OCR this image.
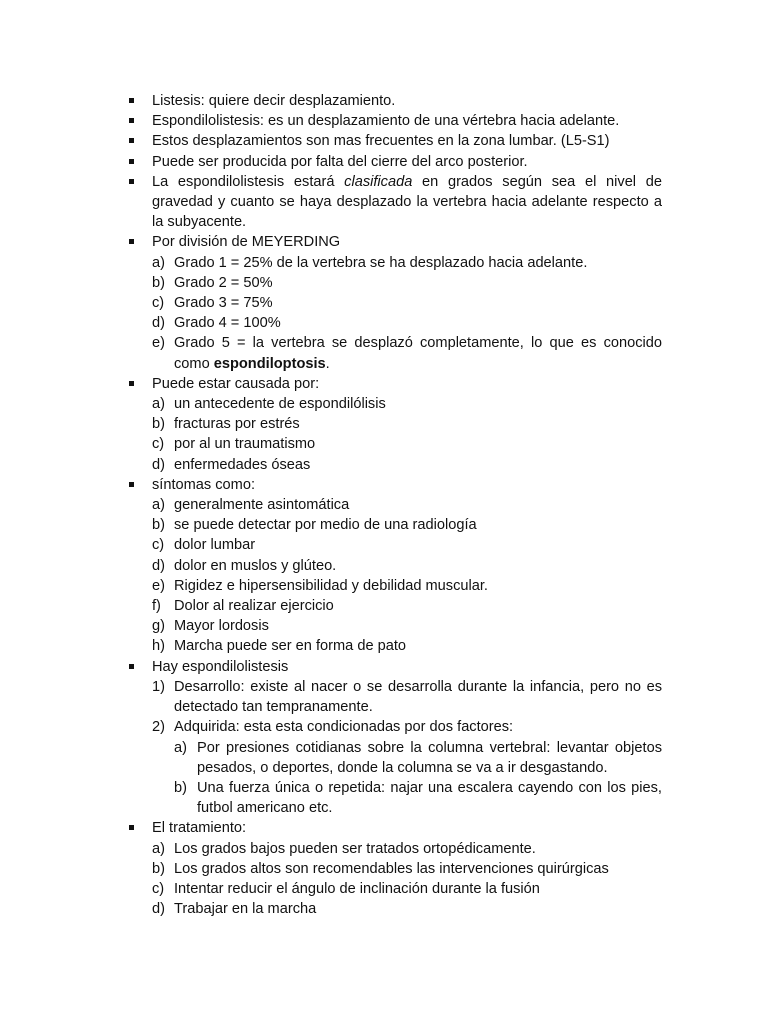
Listesis: quiere decir desplazamiento.
Espondilolistesis: es un desplazamiento de una vértebra hacia adelante.
Estos desplazamientos son mas frecuentes en la zona lumbar. (L5-S1)
Puede ser producida por falta del cierre del arco posterior.
La espondilolistesis estará clasificada en grados según sea el nivel de gravedad y cuanto se haya desplazado la vertebra hacia adelante respecto a la subyacente.
Por división de MEYERDING
a) Grado 1 = 25% de la vertebra se ha desplazado hacia adelante.
b) Grado 2 = 50%
c) Grado 3 = 75%
d) Grado 4 = 100%
e) Grado 5 = la vertebra se desplazó completamente, lo que es conocido como espondiloptosis.
Puede estar causada por:
a) un antecedente de espondilólisis
b) fracturas por estrés
c) por al un traumatismo
d) enfermedades óseas
síntomas como:
a) generalmente asintomática
b) se puede detectar por medio de una radiología
c) dolor lumbar
d) dolor en muslos y glúteo.
e) Rigidez e hipersensibilidad y debilidad muscular.
f) Dolor al realizar ejercicio
g) Mayor lordosis
h) Marcha puede ser en forma de pato
Hay espondilolistesis
1) Desarrollo: existe al nacer o se desarrolla durante la infancia, pero no es detectado tan tempranamente.
2) Adquirida: esta esta condicionadas por dos factores:
a) Por presiones cotidianas sobre la columna vertebral: levantar objetos pesados, o deportes, donde la columna se va a ir desgastando.
b) Una fuerza única o repetida: najar una escalera cayendo con los pies, futbol americano etc.
El tratamiento:
a) Los grados bajos pueden ser tratados ortopédicamente.
b) Los grados altos son recomendables las intervenciones quirúrgicas
c) Intentar reducir el ángulo de inclinación durante la fusión
d) Trabajar en la marcha
